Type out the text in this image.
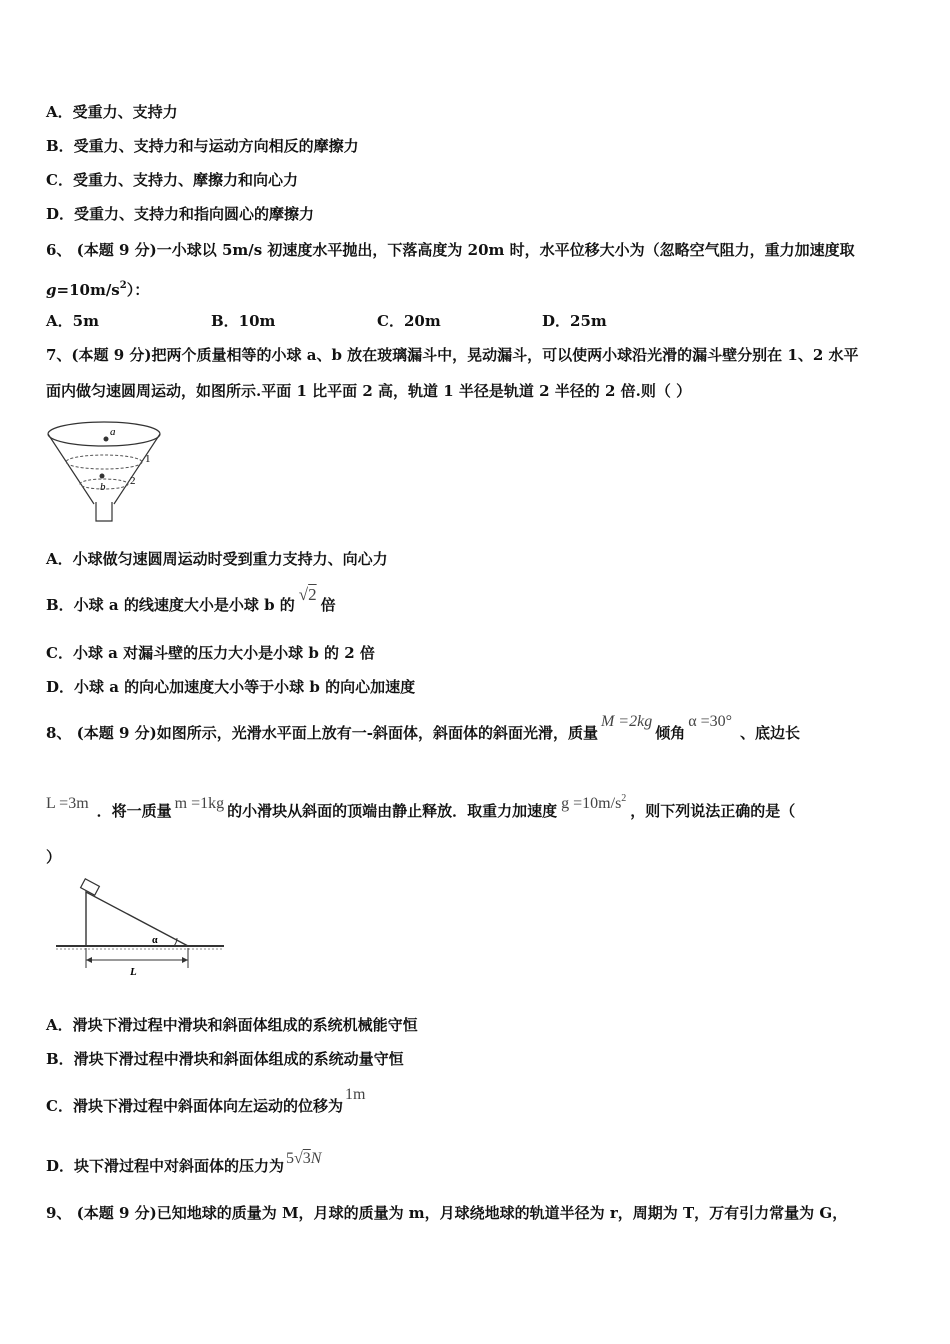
A．受重力、支持力
B．受重力、支持力和与运动方向相反的摩擦力
C．受重力、支持力、摩擦力和向心力
D．受重力、支持力和指向圆心的摩擦力
6、 (本题 9 分)一小球以 5m/s 初速度水平抛出，下落高度为 20m 时，水平位移大小为（忽略空气阻力，重力加速度取
$g=10m/s^2$）：
A．5m	B．10m	C．20m	D．25m
7、(本题 9 分)把两个质量相等的小球 a、b 放在玻璃漏斗中，晃动漏斗，可以使两小球沿光滑的漏斗壁分别在 1、2 水平
面内做匀速圆周运动，如图所示.平面 1 比平面 2 高，轨道 1 半径是轨道 2 半径的 2 倍.则（ ）
a
b
1
2
A．小球做匀速圆周运动时受到重力支持力、向心力
B．小球 a 的线速度大小是小球 b 的√2倍
C．小球 a 对漏斗壁的压力大小是小球 b 的 2 倍
D．小球 a 的向心加速度大小等于小球 b 的向心加速度
8、 (本题 9 分)如图所示，光滑水平面上放有一-斜面体，斜面体的斜面光滑，质量M =2kg倾角α =30°、底边长
L =3m ．将一质量 m =1kg 的小滑块从斜面的顶端由静止释放．取重力加速度 $g =10m/s^2$，则下列说法正确的是（
）
α
L
A．滑块下滑过程中滑块和斜面体组成的系统机械能守恒
B．滑块下滑过程中滑块和斜面体组成的系统动量守恒
C．滑块下滑过程中斜面体向左运动的位移为1m
D．块下滑过程中对斜面体的压力为 5√3N
9、 (本题 9 分)已知地球的质量为 M，月球的质量为 m，月球绕地球的轨道半径为 r，周期为 T，万有引力常量为 G，
